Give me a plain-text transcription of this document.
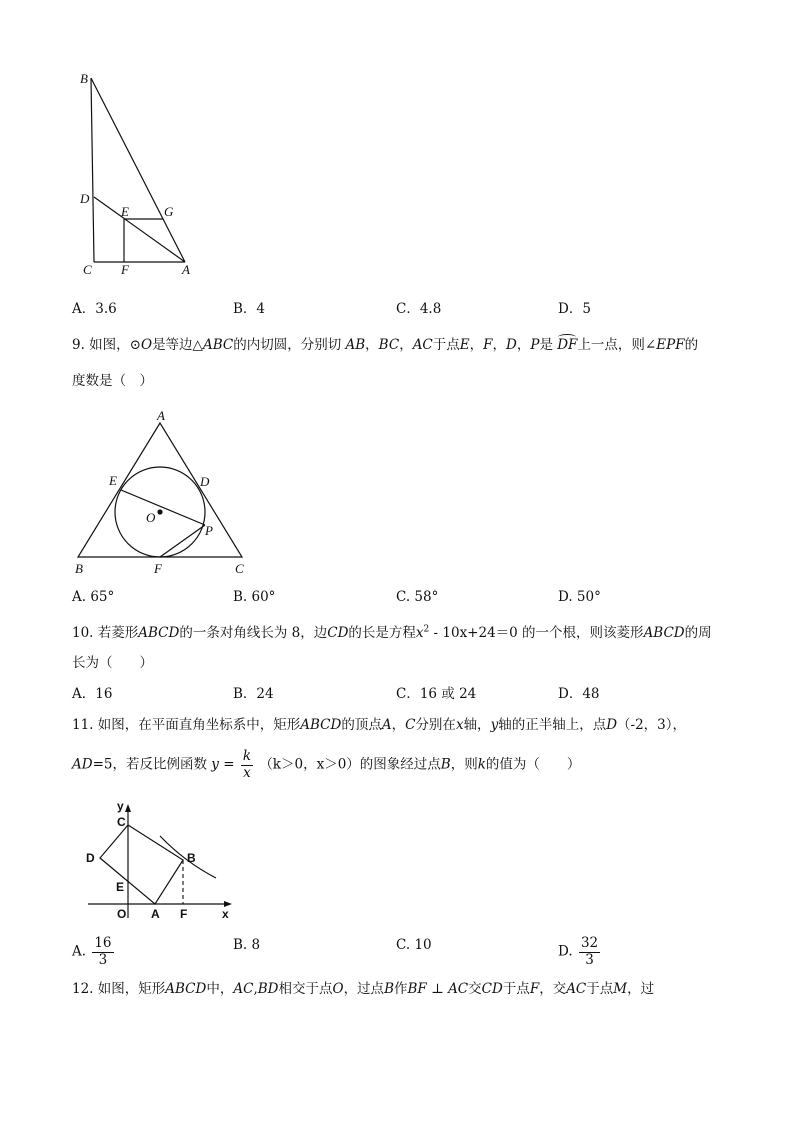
B
D
E	G
C F	A
A．3.6	B．4	C．4.8	D．5
9. 如图，⊙O是等边△ABC的内切圆，分别切 AB，BC，AC于点E，F，D，P是 DF上一点，则∠EPF的
度数是（　）
A
E	D
O
P
B	F	C
A. 65°	B. 60°	C. 58°	D. 50°
10. 若菱形ABCD的一条对角线长为 8，边CD的长是方程$x^2 - 10x+24=0$ 的一个根，则该菱形ABCD的周
长为（　　）
A．16	B．24	C．16 或 24	D．48
11. 如图，在平面直角坐标系中，矩形ABCD的顶点A，C分别在x轴，y轴的正半轴上，点D（-2，3），
AD=5，若反比例函数 $y = \frac{k}{x} (k>0$，x＞0）的图象经过点B，则k的值为（　　）
y
C
D	B
E
O A F	x
A. $\frac{16}{3}$	B. 8	C. 10	D. $\frac{32}{3}$
12. 如图，矩形ABCD中，AC,BD相交于点O，过点B作BF ⊥ AC交CD于点F，交AC于点M，过
